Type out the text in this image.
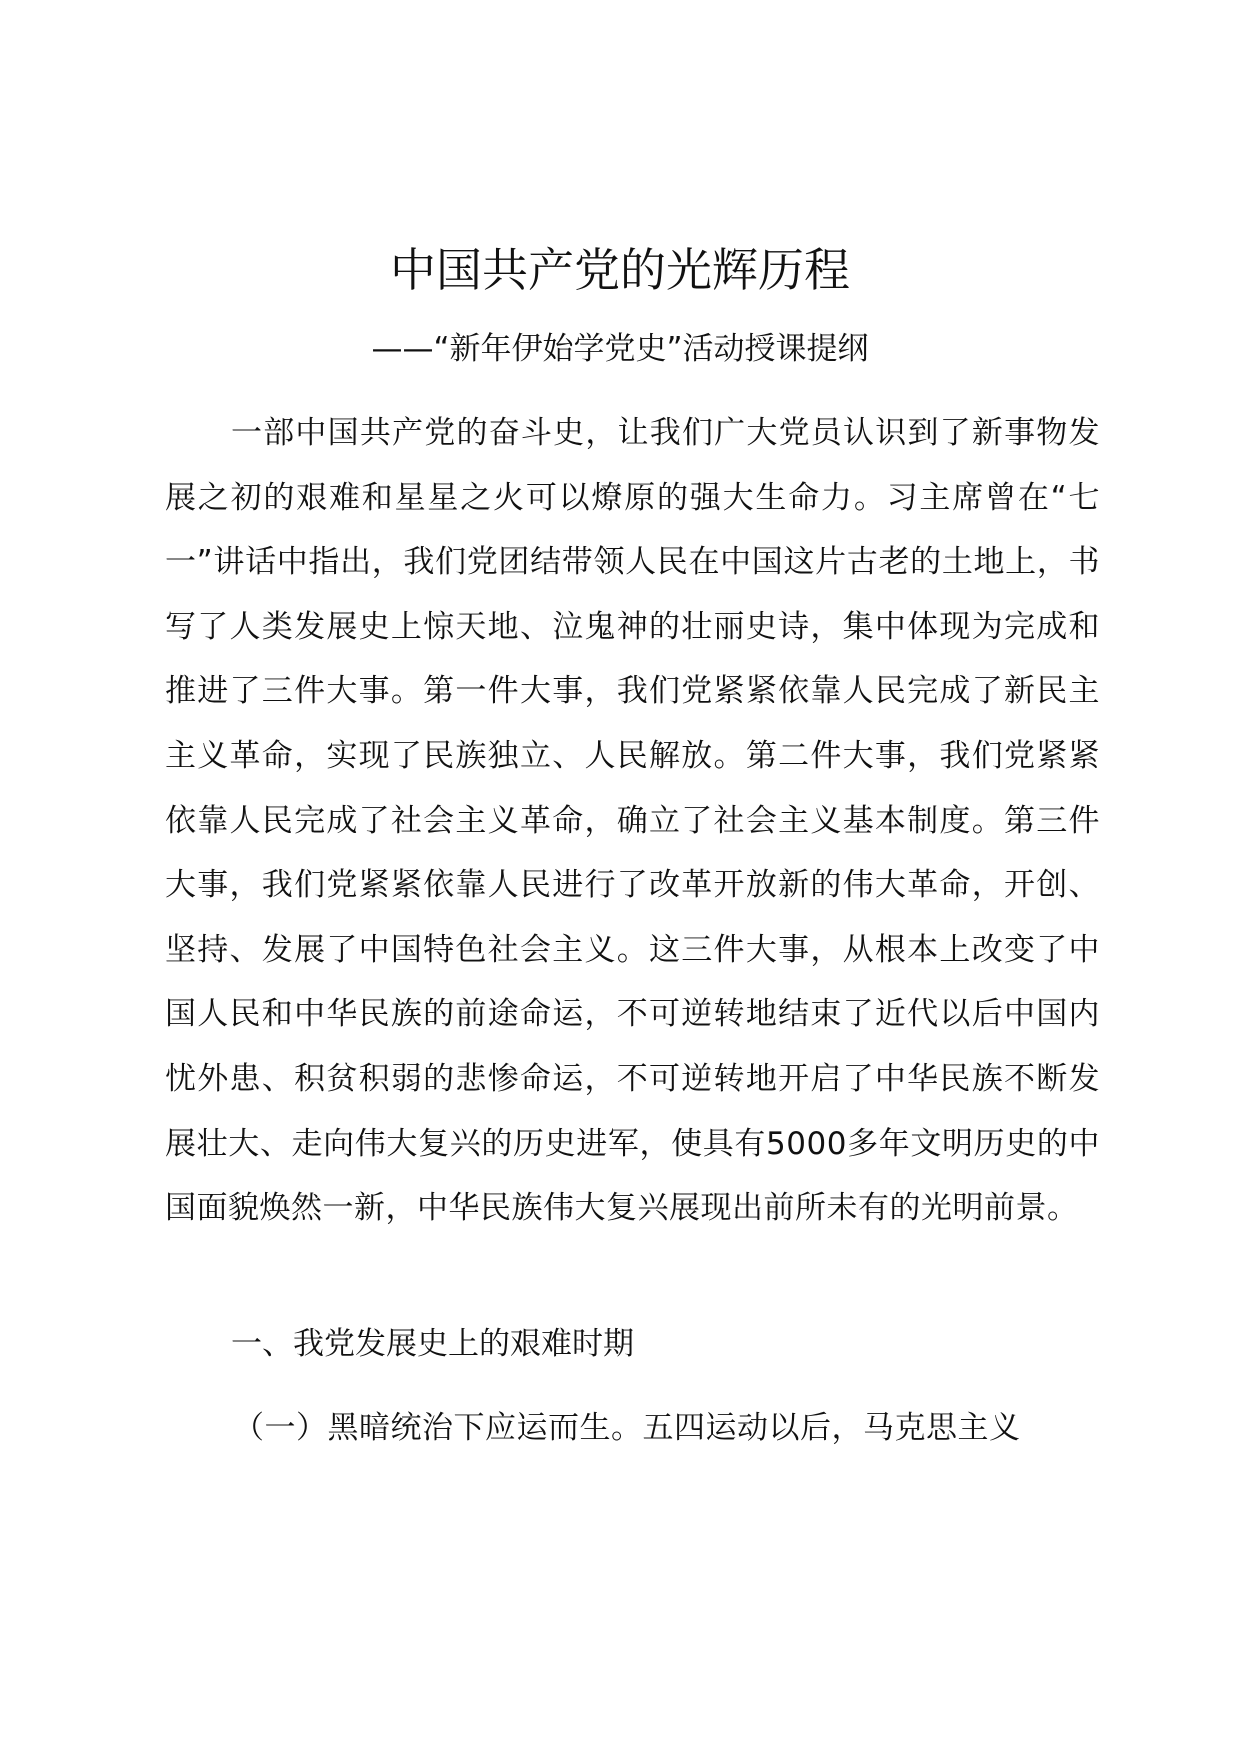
中国共产党的光辉历程

——“新年伊始学党史”活动授课提纲

一部中国共产党的奋斗史，让我们广大党员认识到了新事物发展之初的艰难和星星之火可以燎原的强大生命力。习主席曾在“七一”讲话中指出，我们党团结带领人民在中国这片古老的土地上，书写了人类发展史上惊天地、泣鬼神的壮丽史诗，集中体现为完成和推进了三件大事。第一件大事，我们党紧紧依靠人民完成了新民主主义革命，实现了民族独立、人民解放。第二件大事，我们党紧紧依靠人民完成了社会主义革命，确立了社会主义基本制度。第三件大事，我们党紧紧依靠人民进行了改革开放新的伟大革命，开创、坚持、发展了中国特色社会主义。这三件大事，从根本上改变了中国人民和中华民族的前途命运，不可逆转地结束了近代以后中国内忧外患、积贫积弱的悲惨命运，不可逆转地开启了中华民族不断发展壮大、走向伟大复兴的历史进军，使具有5000多年文明历史的中国面貌焕然一新，中华民族伟大复兴展现出前所未有的光明前景。

一、我党发展史上的艰难时期

（一）黑暗统治下应运而生。五四运动以后，马克思主义
